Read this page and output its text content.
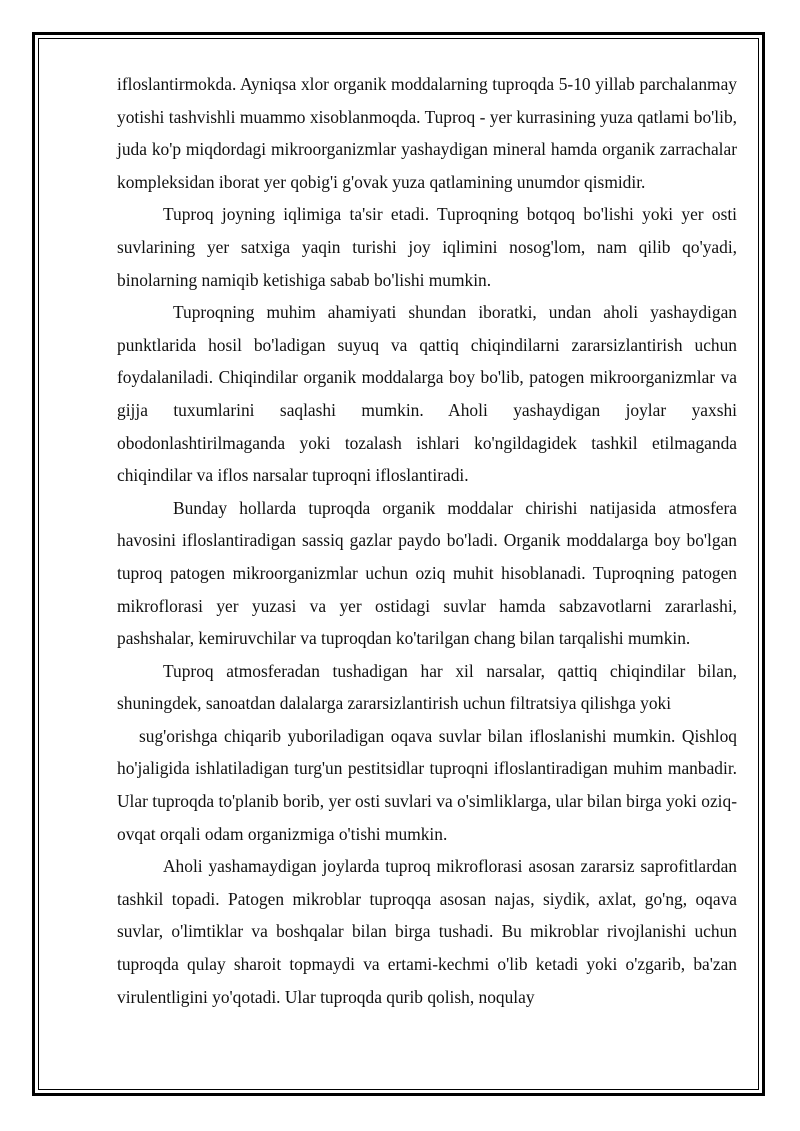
ifloslantirmokda. Ayniqsa xlor organik moddalarning tuproqda 5-10 yillab parchalanmay yotishi tashvishli muammo xisoblanmoqda. Tuproq - yer kurrasining yuza qatlami bo'lib, juda ko'p miqdordagi mikroorganizmlar yashaydigan mineral hamda organik zarrachalar kompleksidan iborat yer qobig'i g'ovak yuza qatlamining unumdor qismidir.

Tuproq joyning iqlimiga ta'sir etadi. Tuproqning botqoq bo'lishi yoki yer osti suvlarining yer satxiga yaqin turishi joy iqlimini nosog'lom, nam qilib qo'yadi, binolarning namiqib ketishiga sabab bo'lishi mumkin.

Tuproqning muhim ahamiyati shundan iboratki, undan aholi yashaydigan punktlarida hosil bo'ladigan suyuq va qattiq chiqindilarni zararsizlantirish uchun foydalaniladi. Chiqindilar organik moddalarga boy bo'lib, patogen mikroorganizmlar va gijja tuxumlarini saqlashi mumkin. Aholi yashaydigan joylar yaxshi obodonlashtirilmaganda yoki tozalash ishlari ko'ngildagidek tashkil etilmaganda chiqindilar va iflos narsalar tuproqni ifloslantiradi.

Bunday hollarda tuproqda organik moddalar chirishi natijasida atmosfera havosini ifloslantiradigan sassiq gazlar paydo bo'ladi. Organik moddalarga boy bo'lgan tuproq patogen mikroorganizmlar uchun oziq muhit hisoblanadi. Tuproqning patogen mikroflorasi yer yuzasi va yer ostidagi suvlar hamda sabzavotlarni zararlashi, pashshalar, kemiruvchilar va tuproqdan ko'tarilgan chang bilan tarqalishi mumkin.

Tuproq atmosferadan tushadigan har xil narsalar, qattiq chiqindilar bilan, shuningdek, sanoatdan dalalarga zararsizlantirish uchun filtratsiya qilishga yoki

sug'orishga chiqarib yuboriladigan oqava suvlar bilan ifloslanishi mumkin. Qishloq ho'jaligida ishlatiladigan turg'un pestitsidlar tuproqni ifloslantiradigan muhim manbadir. Ular tuproqda to'planib borib, yer osti suvlari va o'simliklarga, ular bilan birga yoki oziq-ovqat orqali odam organizmiga o'tishi mumkin.

Aholi yashamaydigan joylarda tuproq mikroflorasi asosan zararsiz saprofitlardan tashkil topadi. Patogen mikroblar tuproqqa asosan najas, siydik, axlat, go'ng, oqava suvlar, o'limtiklar va boshqalar bilan birga tushadi. Bu mikroblar rivojlanishi uchun tuproqda qulay sharoit topmaydi va ertami-kechmi o'lib ketadi yoki o'zgarib, ba'zan virulentligini yo'qotadi. Ular tuproqda qurib qolish, noqulay
